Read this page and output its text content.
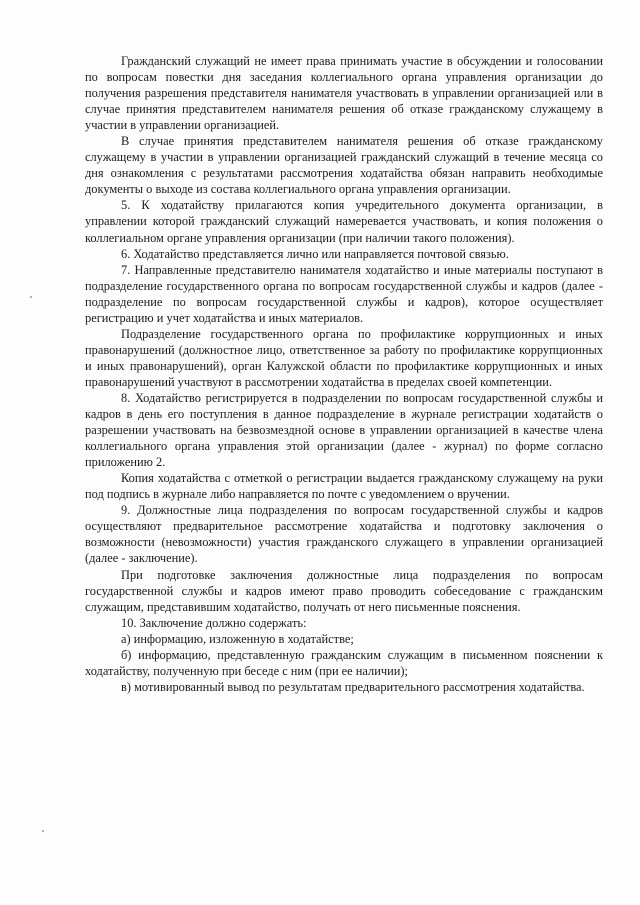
Гражданский служащий не имеет права принимать участие в обсуждении и голосовании по вопросам повестки дня заседания коллегиального органа управления организации до получения разрешения представителя нанимателя участвовать в управлении организацией или в случае принятия представителем нанимателя решения об отказе гражданскому служащему в участии в управлении организацией.

В случае принятия представителем нанимателя решения об отказе гражданскому служащему в участии в управлении организацией гражданский служащий в течение месяца со дня ознакомления с результатами рассмотрения ходатайства обязан направить необходимые документы о выходе из состава коллегиального органа управления организации.

5. К ходатайству прилагаются копия учредительного документа организации, в управлении которой гражданский служащий намеревается участвовать, и копия положения о коллегиальном органе управления организации (при наличии такого положения).

6. Ходатайство представляется лично или направляется почтовой связью.

7. Направленные представителю нанимателя ходатайство и иные материалы поступают в подразделение государственного органа по вопросам государственной службы и кадров (далее - подразделение по вопросам государственной службы и кадров), которое осуществляет регистрацию и учет ходатайства и иных материалов.

Подразделение государственного органа по профилактике коррупционных и иных правонарушений (должностное лицо, ответственное за работу по профилактике коррупционных и иных правонарушений), орган Калужской области по профилактике коррупционных и иных правонарушений участвуют в рассмотрении ходатайства в пределах своей компетенции.

8. Ходатайство регистрируется в подразделении по вопросам государственной службы и кадров в день его поступления в данное подразделение в журнале регистрации ходатайств о разрешении участвовать на безвозмездной основе в управлении организацией в качестве члена коллегиального органа управления этой организации (далее - журнал) по форме согласно приложению 2.

Копия ходатайства с отметкой о регистрации выдается гражданскому служащему на руки под подпись в журнале либо направляется по почте с уведомлением о вручении.

9. Должностные лица подразделения по вопросам государственной службы и кадров осуществляют предварительное рассмотрение ходатайства и подготовку заключения о возможности (невозможности) участия гражданского служащего в управлении организацией (далее - заключение).

При подготовке заключения должностные лица подразделения по вопросам государственной службы и кадров имеют право проводить собеседование с гражданским служащим, представившим ходатайство, получать от него письменные пояснения.

10. Заключение должно содержать:

а) информацию, изложенную в ходатайстве;

б) информацию, представленную гражданским служащим в письменном пояснении к ходатайству, полученную при беседе с ним (при ее наличии);

в) мотивированный вывод по результатам предварительного рассмотрения ходатайства.
